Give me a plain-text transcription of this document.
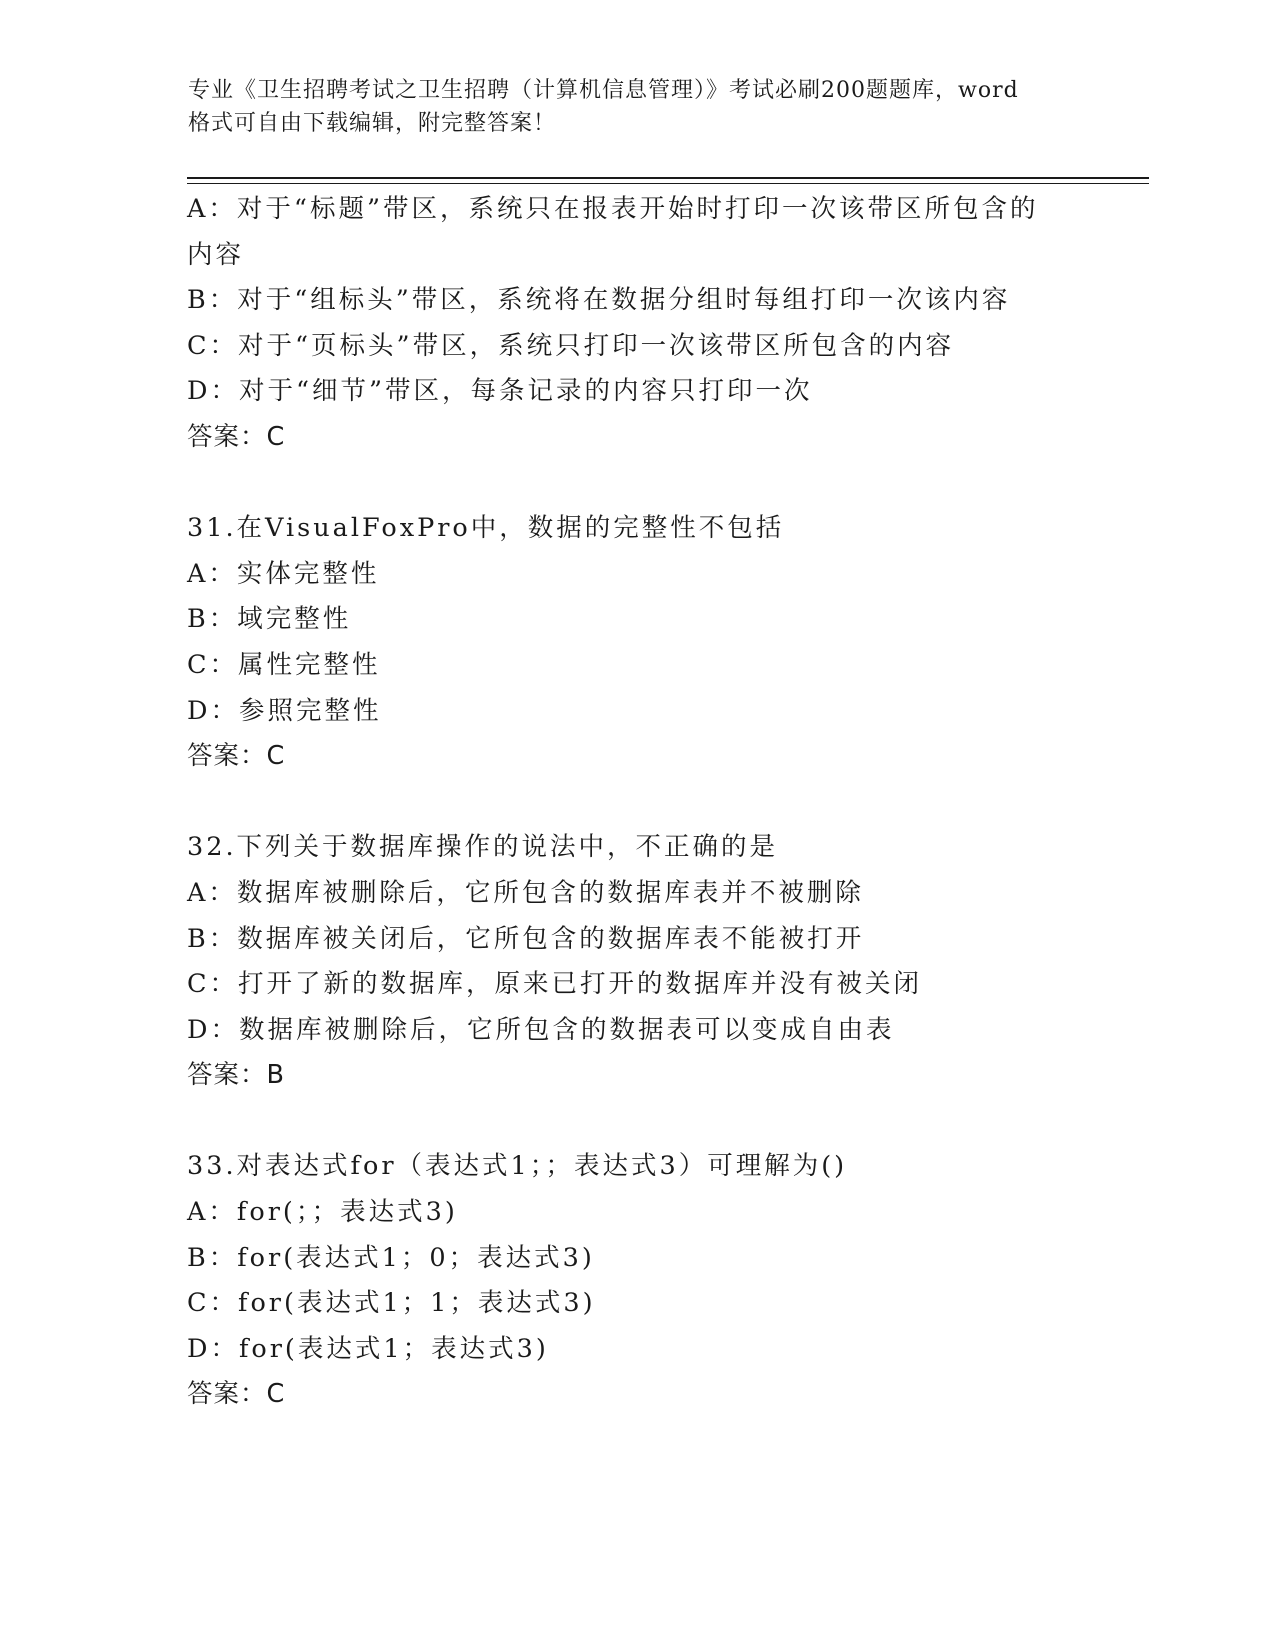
专业《卫生招聘考试之卫生招聘（计算机信息管理）》考试必刷200题题库，word
格式可自由下载编辑，附完整答案！
A：对于“标题”带区，系统只在报表开始时打印一次该带区所包含的
内容
B：对于“组标头”带区，系统将在数据分组时每组打印一次该内容
C：对于“页标头”带区，系统只打印一次该带区所包含的内容
D：对于“细节”带区，每条记录的内容只打印一次
答案：C
31.在VisualFoxPro中，数据的完整性不包括
A：实体完整性
B：域完整性
C：属性完整性
D：参照完整性
答案：C
32.下列关于数据库操作的说法中，不正确的是
A：数据库被删除后，它所包含的数据库表并不被删除
B：数据库被关闭后，它所包含的数据库表不能被打开
C：打开了新的数据库，原来已打开的数据库并没有被关闭
D：数据库被删除后，它所包含的数据表可以变成自由表
答案：B
33.对表达式for（表达式1；；表达式3）可理解为()
A：for(；；表达式3)
B：for(表达式1；0；表达式3)
C：for(表达式1；1；表达式3)
D：for(表达式1；表达式3)
答案：C
